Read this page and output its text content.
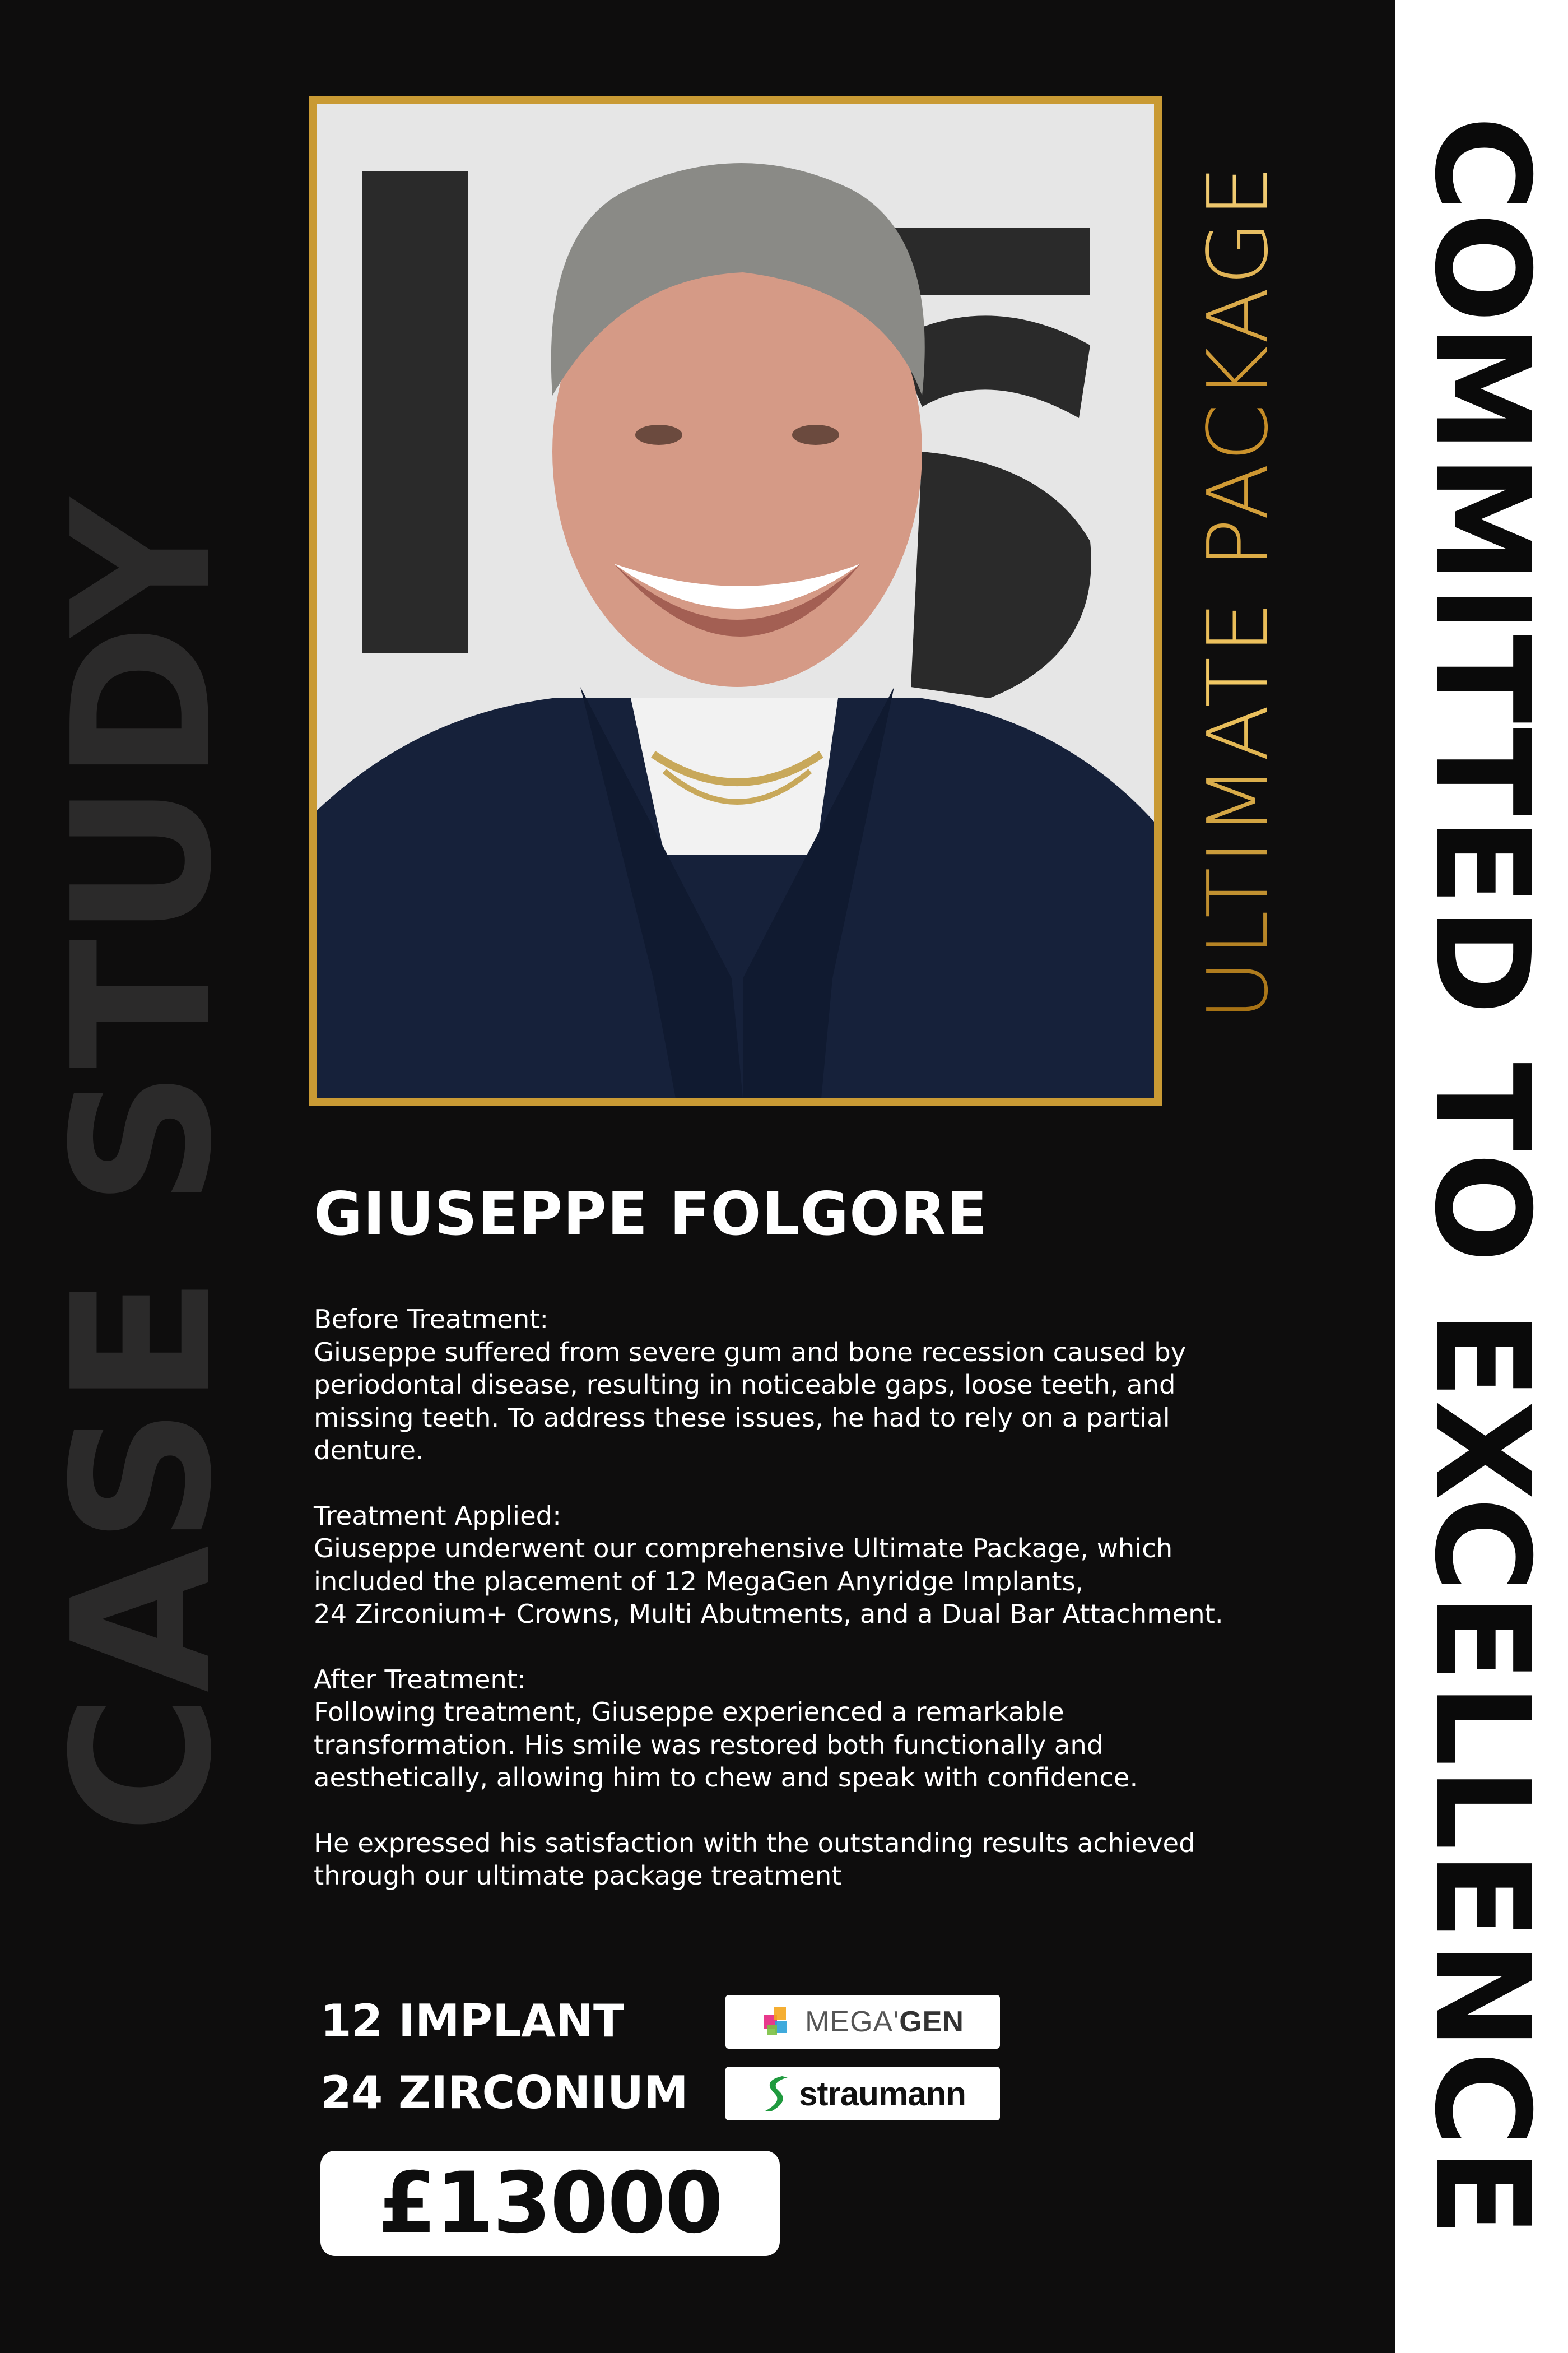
CASE STUDY	COMMITTED TO EXCELLENCE
ULTIMATE PACKAGE
GIUSEPPE FOLGORE
Before Treatment:
Giuseppe suffered from severe gum and bone recession caused by
periodontal disease, resulting in noticeable gaps, loose teeth, and
missing teeth. To address these issues, he had to rely on a partial
denture.
Treatment Applied:
Giuseppe underwent our comprehensive Ultimate Package, which
included the placement of 12 MegaGen Anyridge Implants,
24 Zirconium+ Crowns, Multi Abutments, and a Dual Bar Attachment.
After Treatment:
Following treatment, Giuseppe experienced a remarkable
transformation. His smile was restored both functionally and
aesthetically, allowing him to chew and speak with confidence.
He expressed his satisfaction with the outstanding results achieved
through our ultimate package treatment
12 IMPLANT
24 ZIRCONIUM
MEGA'GEN
straumann
£13000
